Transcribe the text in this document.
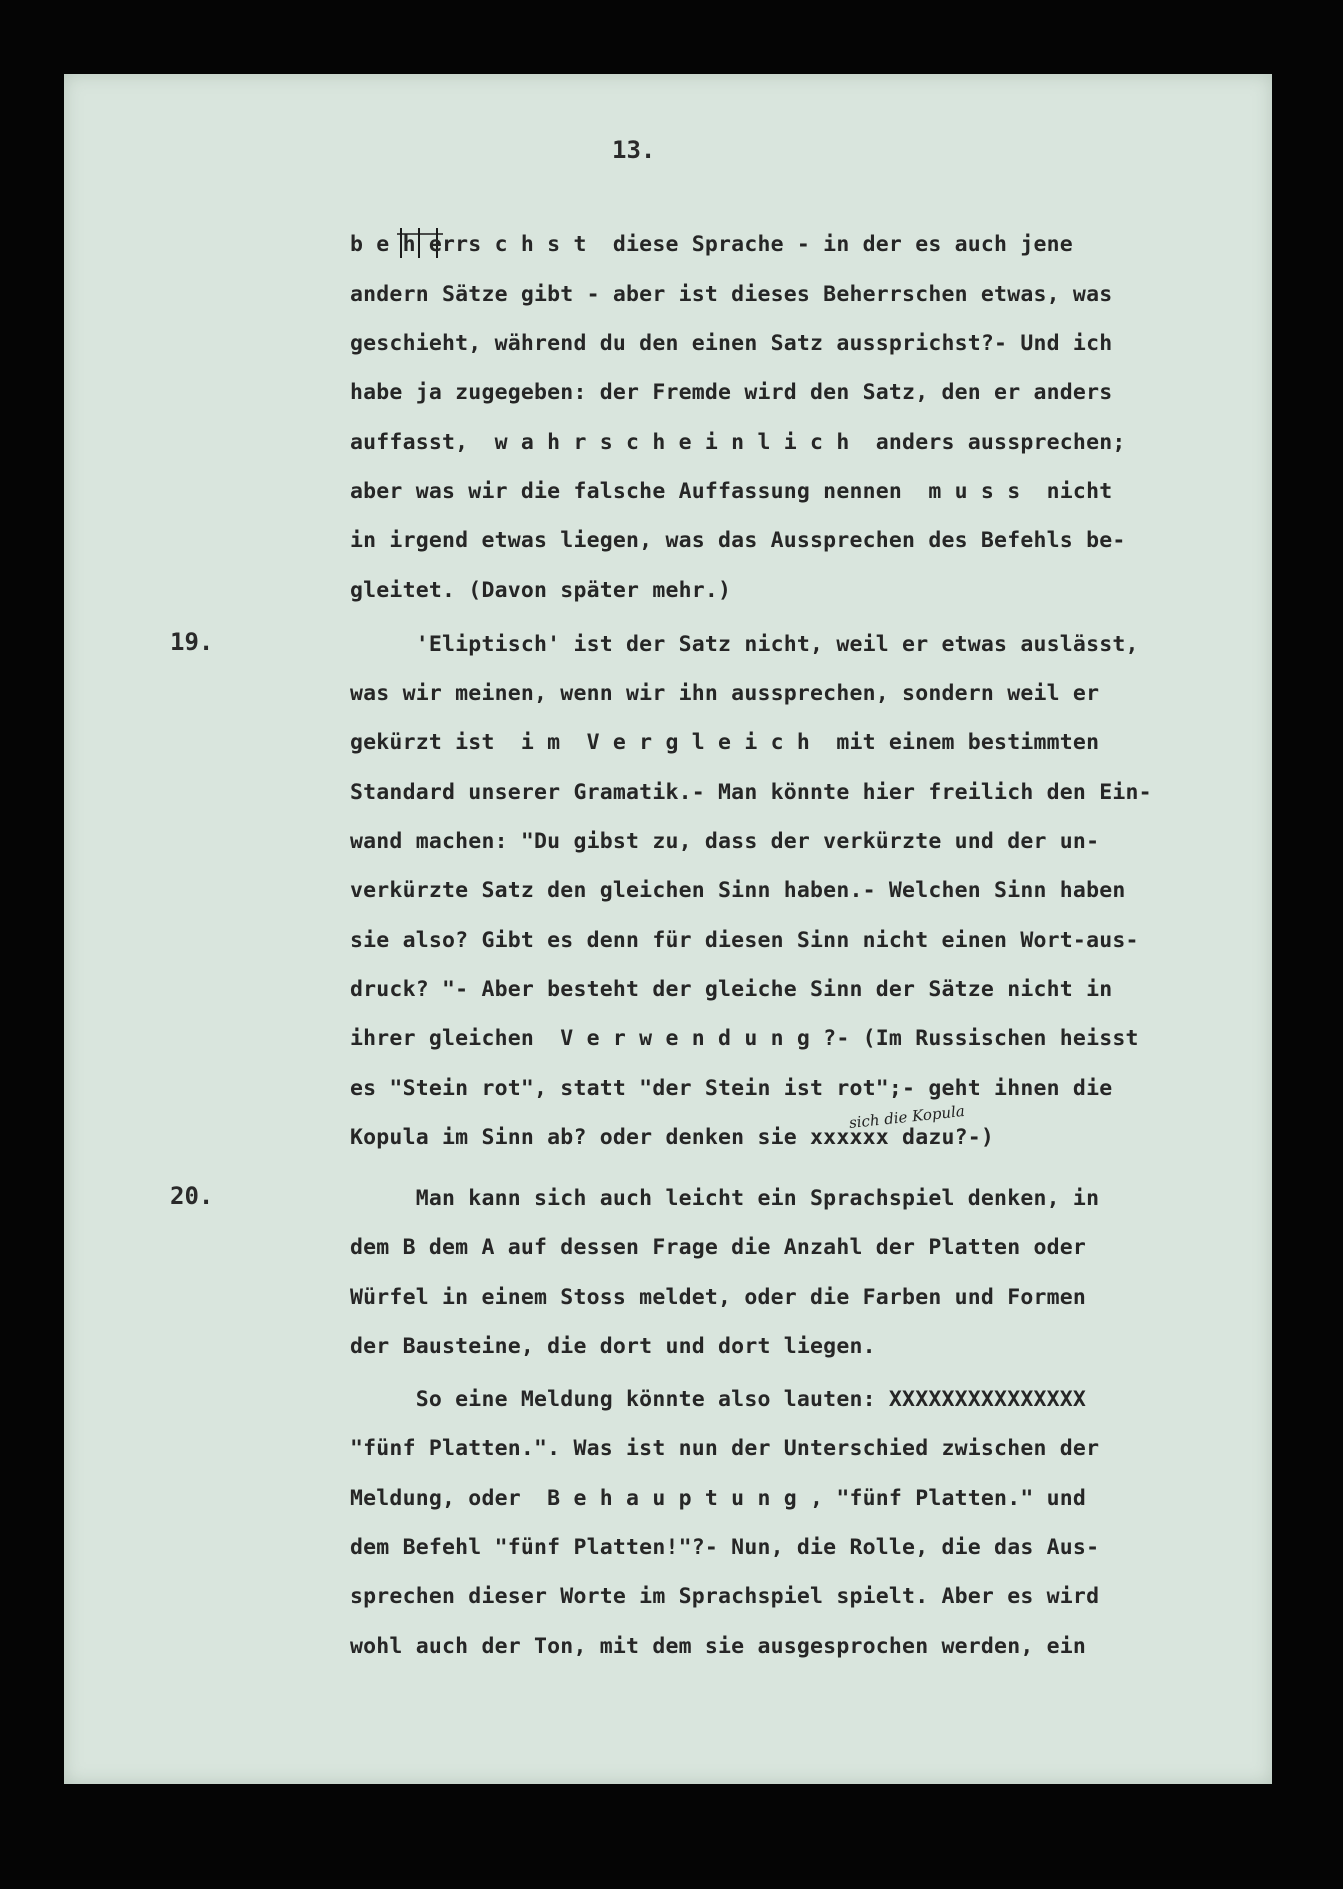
13.
19.
20.
sich die Kopula
b e h errs c h s t  diese Sprache - in der es auch jene
andern Sätze gibt - aber ist dieses Beherrschen etwas, was
geschieht, während du den einen Satz aussprichst?- Und ich
habe ja zugegeben: der Fremde wird den Satz, den er anders
auffasst,  w a h r s c h e i n l i c h  anders aussprechen;
aber was wir die falsche Auffassung nennen  m u s s  nicht
in irgend etwas liegen, was das Aussprechen des Befehls be-
gleitet. (Davon später mehr.)
'Eliptisch' ist der Satz nicht, weil er etwas auslässt,
was wir meinen, wenn wir ihn aussprechen, sondern weil er
gekürzt ist  i m  V e r g l e i c h  mit einem bestimmten
Standard unserer Gramatik.- Man könnte hier freilich den Ein-
wand machen: "Du gibst zu, dass der verkürzte und der un-
verkürzte Satz den gleichen Sinn haben.- Welchen Sinn haben
sie also? Gibt es denn für diesen Sinn nicht einen Wort-aus-
druck? "- Aber besteht der gleiche Sinn der Sätze nicht in
ihrer gleichen  V e r w e n d u n g ?- (Im Russischen heisst
es "Stein rot", statt "der Stein ist rot";- geht ihnen die
Kopula im Sinn ab? oder denken sie xxxxxx dazu?-)
Man kann sich auch leicht ein Sprachspiel denken, in
dem B dem A auf dessen Frage die Anzahl der Platten oder
Würfel in einem Stoss meldet, oder die Farben und Formen
der Bausteine, die dort und dort liegen.
So eine Meldung könnte also lauten: XXXXXXXXXXXXXXX
"fünf Platten.". Was ist nun der Unterschied zwischen der
Meldung, oder  B e h a u p t u n g , "fünf Platten." und
dem Befehl "fünf Platten!"?- Nun, die Rolle, die das Aus-
sprechen dieser Worte im Sprachspiel spielt. Aber es wird
wohl auch der Ton, mit dem sie ausgesprochen werden, ein
